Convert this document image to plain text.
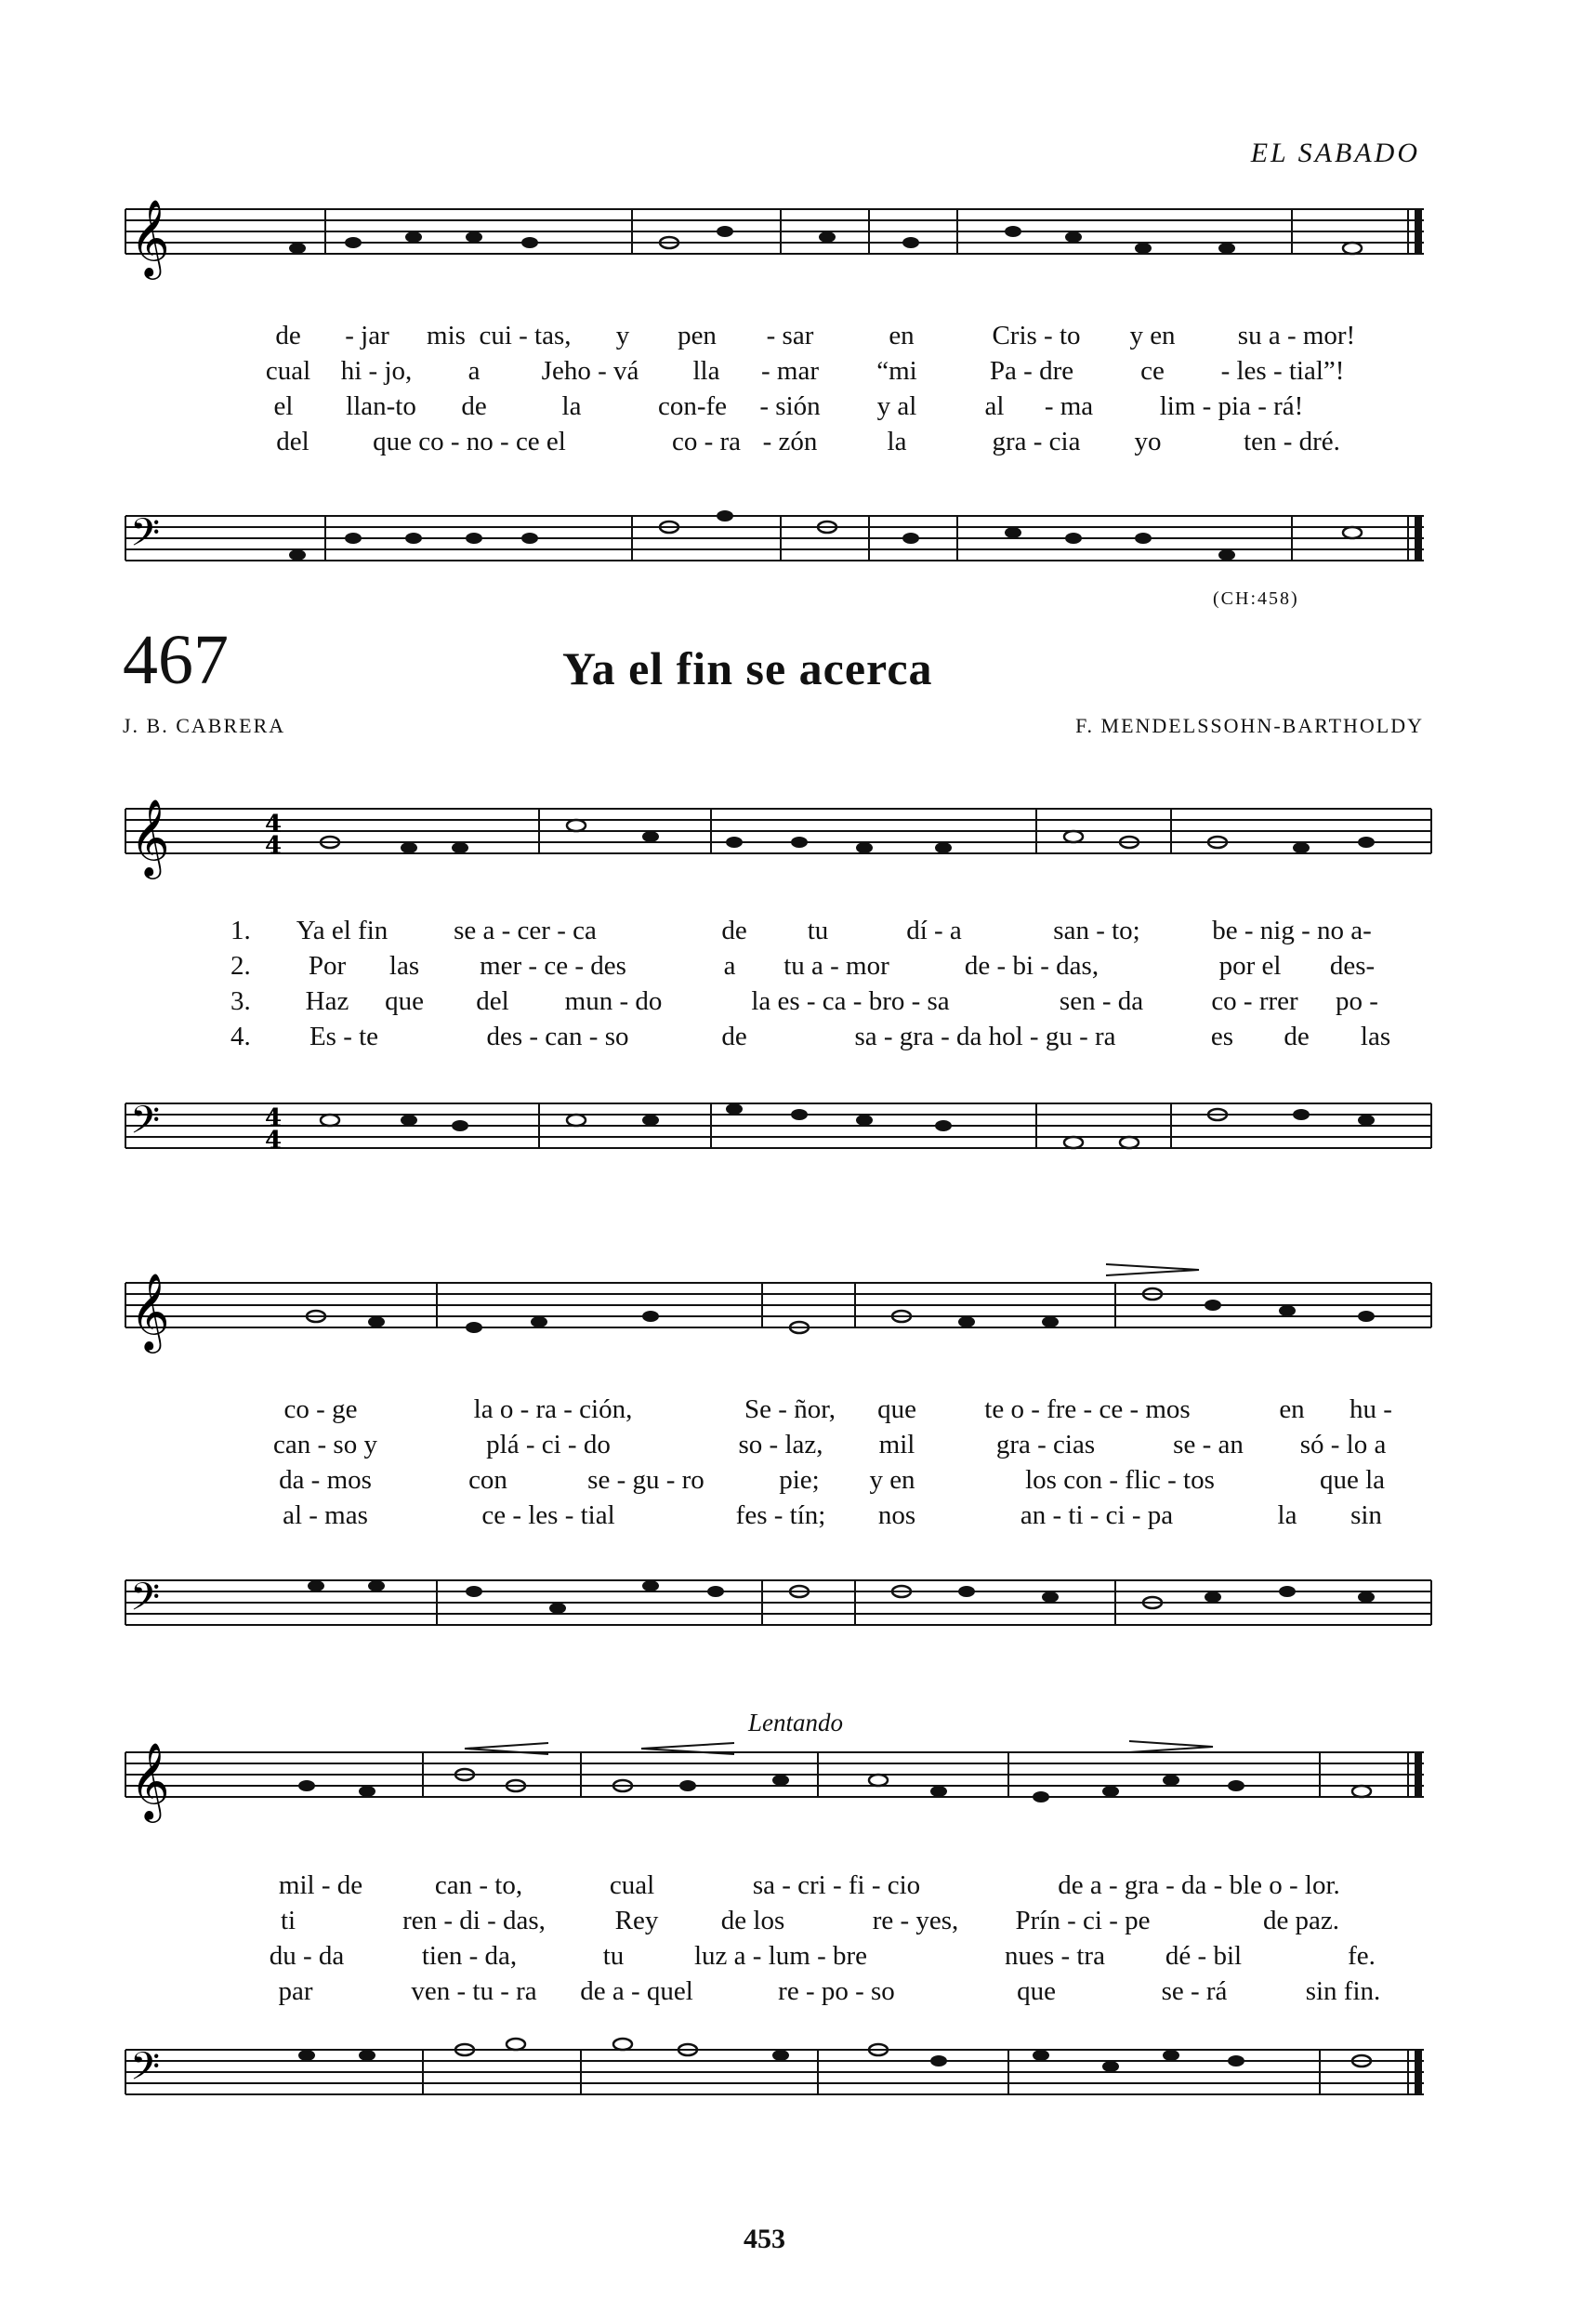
EL SABADO
𝄞
de - jar mis cui - tas, y pen - sar	en	Cris - to y en su a - mor!
cual hi - jo, a Jeho - vá lla - mar “mi	Pa - dre ce - les - tial”!
el llan-to de	la	con-fe - sión y al	al - ma lim - pia - rá!
del que co - no - ce el	co - ra - zón	la	gra - cia yo	ten - dré.
𝄢
(CH:458)
467	Ya el fin se acerca
J. B. CABRERA	F. MENDELSSOHN-BARTHOLDY
𝄞	4
4
1. Ya el fin se a - cer - ca	de tu	dí - a	san - to;	be - nig - no a-
2. Por las mer - ce - des	a tu a - mor	de - bi - das,	por el des-
3. Haz que del mun - do	la es - ca - bro - sa	sen - da	co - rrer po -
4. Es - te	des - can - so	de	sa - gra - da hol - gu - ra	es de las
𝄢	4
4
𝄞
co - ge	la o - ra - ción,	Se - ñor, que	te o - fre - ce - mos	en hu -
can - so y	plá - ci - do	so - laz, mil	gra - cias	se - an só - lo a
da - mos	con	se - gu - ro	pie; y en	los con - flic - tos	que la
al - mas	ce - les - tial	fes - tín; nos	an - ti - ci - pa	la sin
𝄢
Lentando
𝄞
mil - de	can - to,	cual	sa - cri - fi - cio	de a - gra - da - ble o - lor.
ti	ren - di - das,	Rey de los	re - yes, Prín - ci - pe	de paz.
du - da	tien - da,	tu	luz a - lum - bre	nues - tra dé - bil	fe.
par	ven - tu - ra de a - quel	re - po - so	que	se - rá	sin fin.
𝄢
453
